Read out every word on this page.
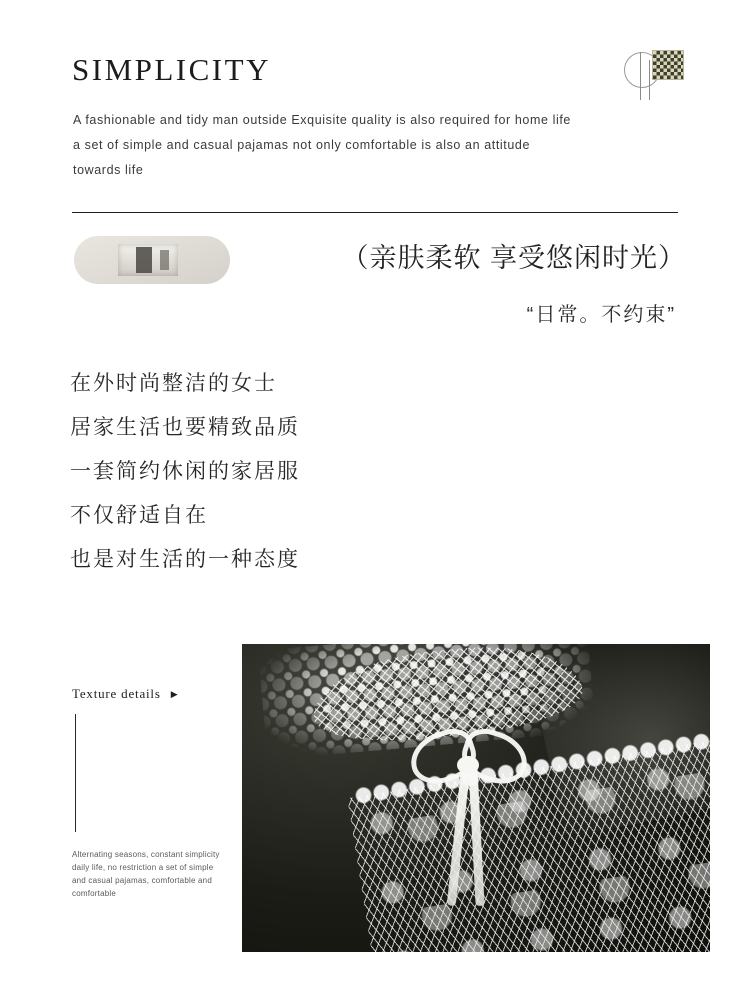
SIMPLICITY
A fashionable and tidy man outside Exquisite quality is also required for home life a set of simple and casual pajamas not only comfortable is also an attitude towards life
（亲肤柔软 享受悠闲时光）
“日常。不约束”
在外时尚整洁的女士
居家生活也要精致品质
一套简约休闲的家居服
不仅舒适自在
也是对生活的一种态度
Texture details ▶
Alternating seasons, constant simplicity daily life, no restriction a set of simple and casual pajamas, comfortable and comfortable
